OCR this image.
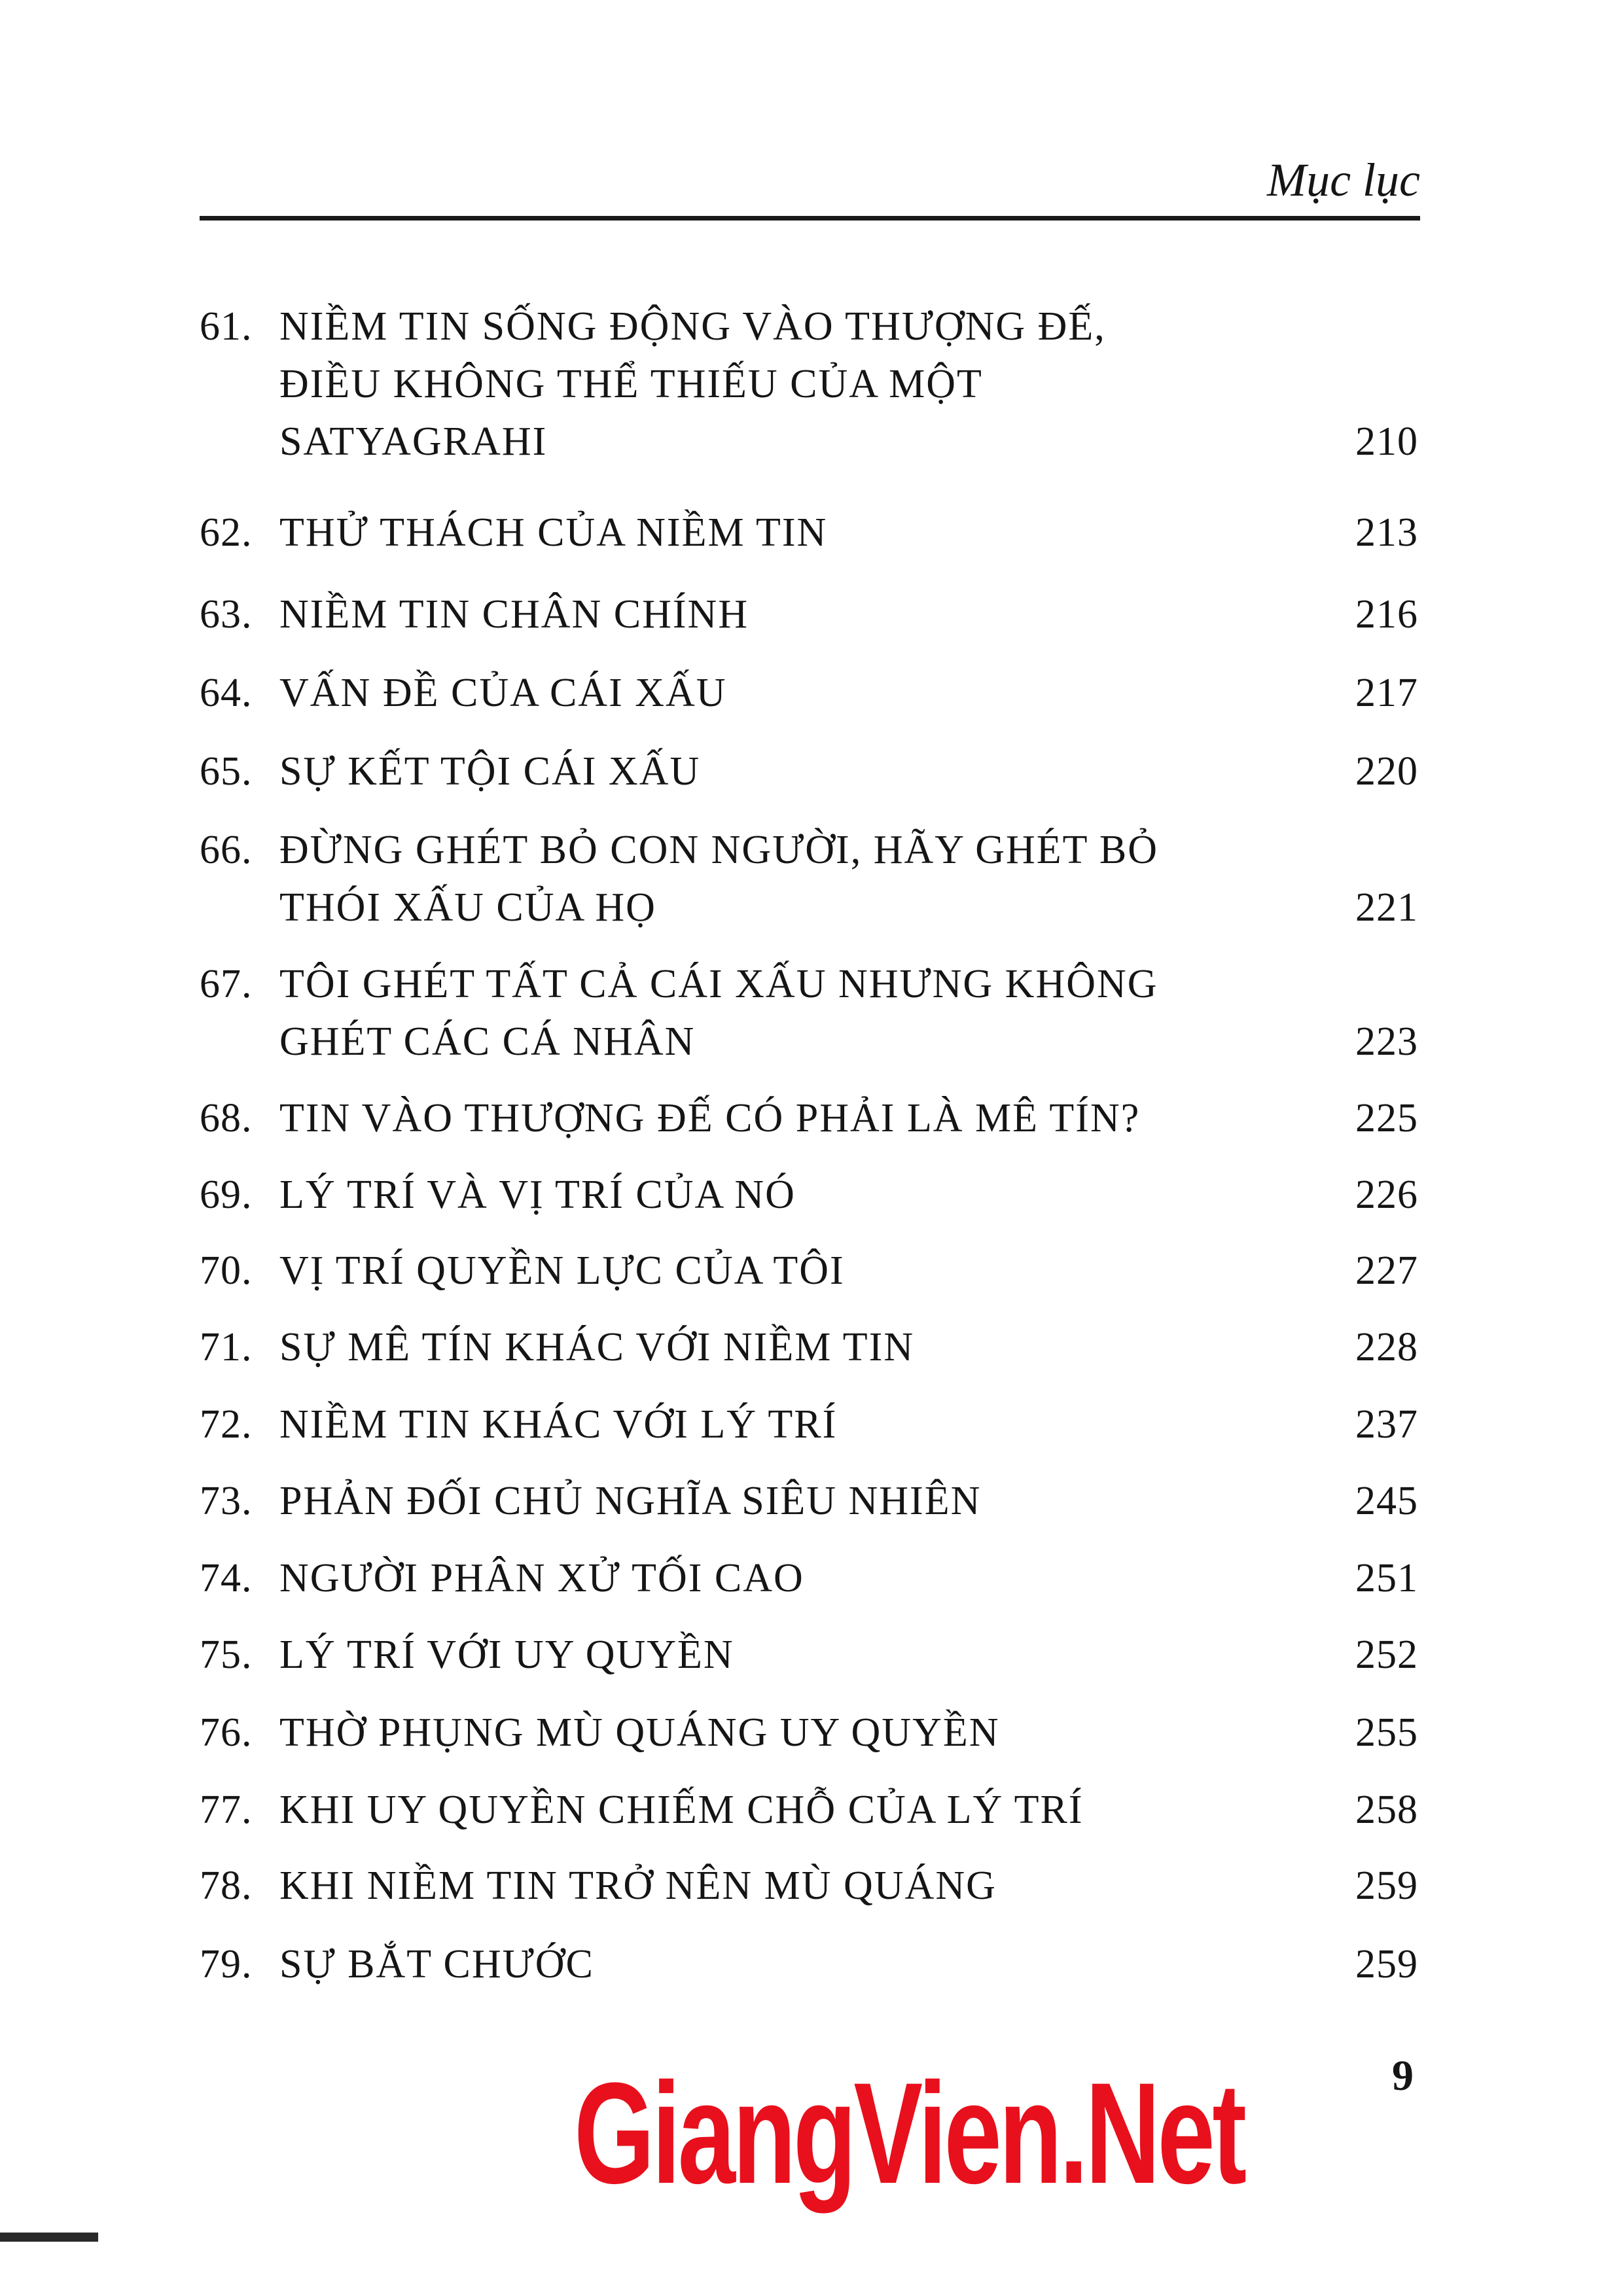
Mục lục
61. NIỀM TIN SỐNG ĐỘNG VÀO THƯỢNG ĐẾ,
ĐIỀU KHÔNG THỂ THIẾU CỦA MỘT
SATYAGRAHI	210
62. THỬ THÁCH CỦA NIỀM TIN	213
63. NIỀM TIN CHÂN CHÍNH	216
64. VẤN ĐỀ CỦA CÁI XẤU	217
65. SỰ KẾT TỘI CÁI XẤU	220
66. ĐỪNG GHÉT BỎ CON NGƯỜI, HÃY GHÉT BỎ
THÓI XẤU CỦA HỌ	221
67. TÔI GHÉT TẤT CẢ CÁI XẤU NHƯNG KHÔNG
GHÉT CÁC CÁ NHÂN	223
68. TIN VÀO THƯỢNG ĐẾ CÓ PHẢI LÀ MÊ TÍN?	225
69. LÝ TRÍ VÀ VỊ TRÍ CỦA NÓ	226
70. VỊ TRÍ QUYỀN LỰC CỦA TÔI	227
71. SỰ MÊ TÍN KHÁC VỚI NIỀM TIN	228
72. NIỀM TIN KHÁC VỚI LÝ TRÍ	237
73. PHẢN ĐỐI CHỦ NGHĨA SIÊU NHIÊN	245
74. NGƯỜI PHÂN XỬ TỐI CAO	251
75. LÝ TRÍ VỚI UY QUYỀN	252
76. THỜ PHỤNG MÙ QUÁNG UY QUYỀN	255
77. KHI UY QUYỀN CHIẾM CHỖ CỦA LÝ TRÍ	258
78. KHI NIỀM TIN TRỞ NÊN MÙ QUÁNG	259
79. SỰ BẮT CHƯỚC	259
9
GiangVien.Net
